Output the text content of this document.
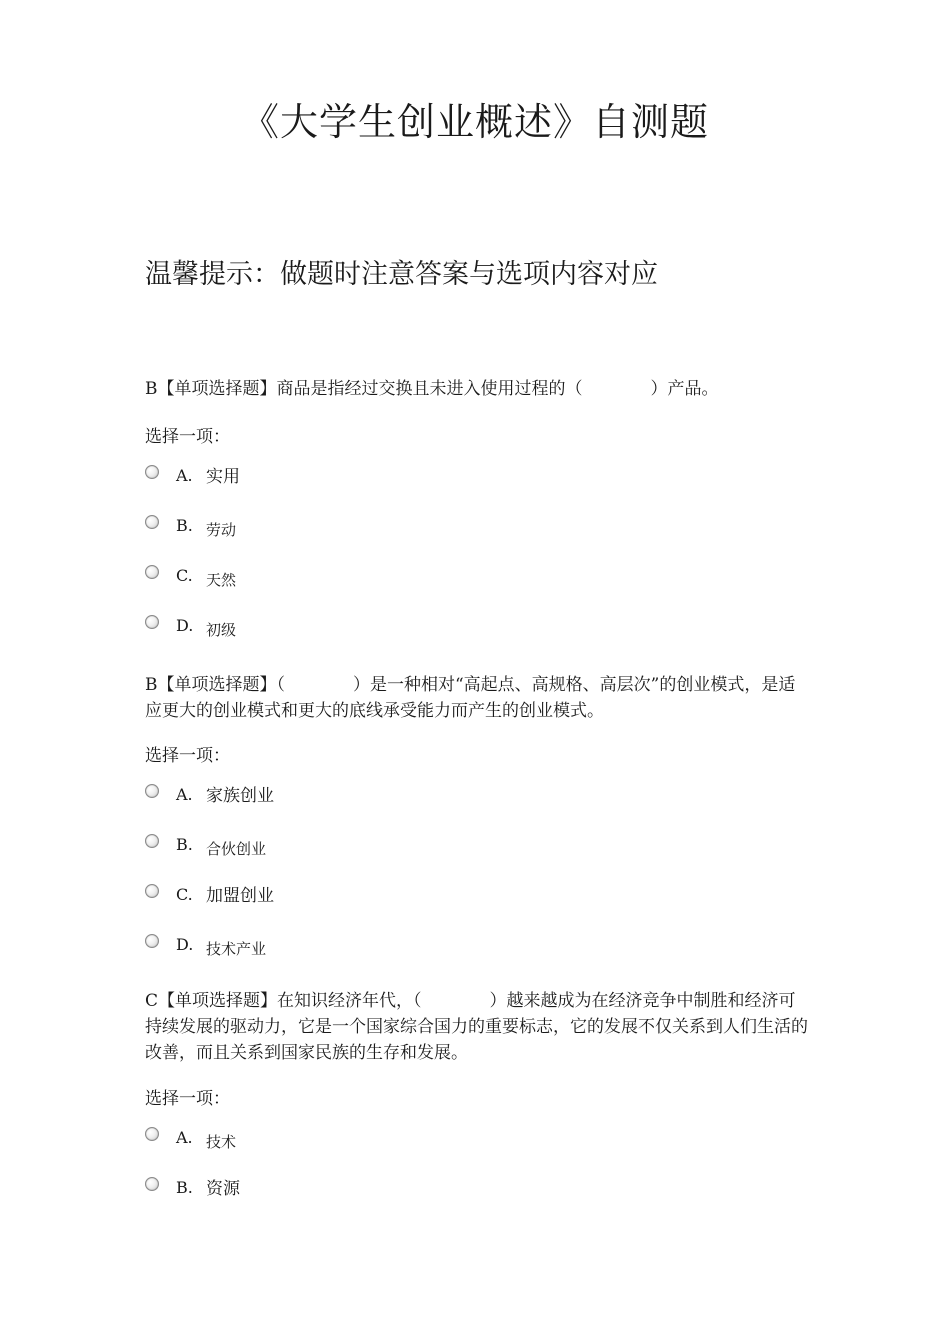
《大学生创业概述》自测题
温馨提示：做题时注意答案与选项内容对应
B【单项选择题】商品是指经过交换且未进入使用过程的（　　　　）产品。
选择一项：
A. 实用
B. 劳动
C. 天然
D. 初级
B【单项选择题】（　　　　）是一种相对“高起点、高规格、高层次”的创业模式，是适应更大的创业模式和更大的底线承受能力而产生的创业模式。
选择一项：
A. 家族创业
B. 合伙创业
C. 加盟创业
D. 技术产业
C【单项选择题】在知识经济年代，（　　　　）越来越成为在经济竞争中制胜和经济可持续发展的驱动力，它是一个国家综合国力的重要标志，它的发展不仅关系到人们生活的改善，而且关系到国家民族的生存和发展。
选择一项：
A. 技术
B. 资源
